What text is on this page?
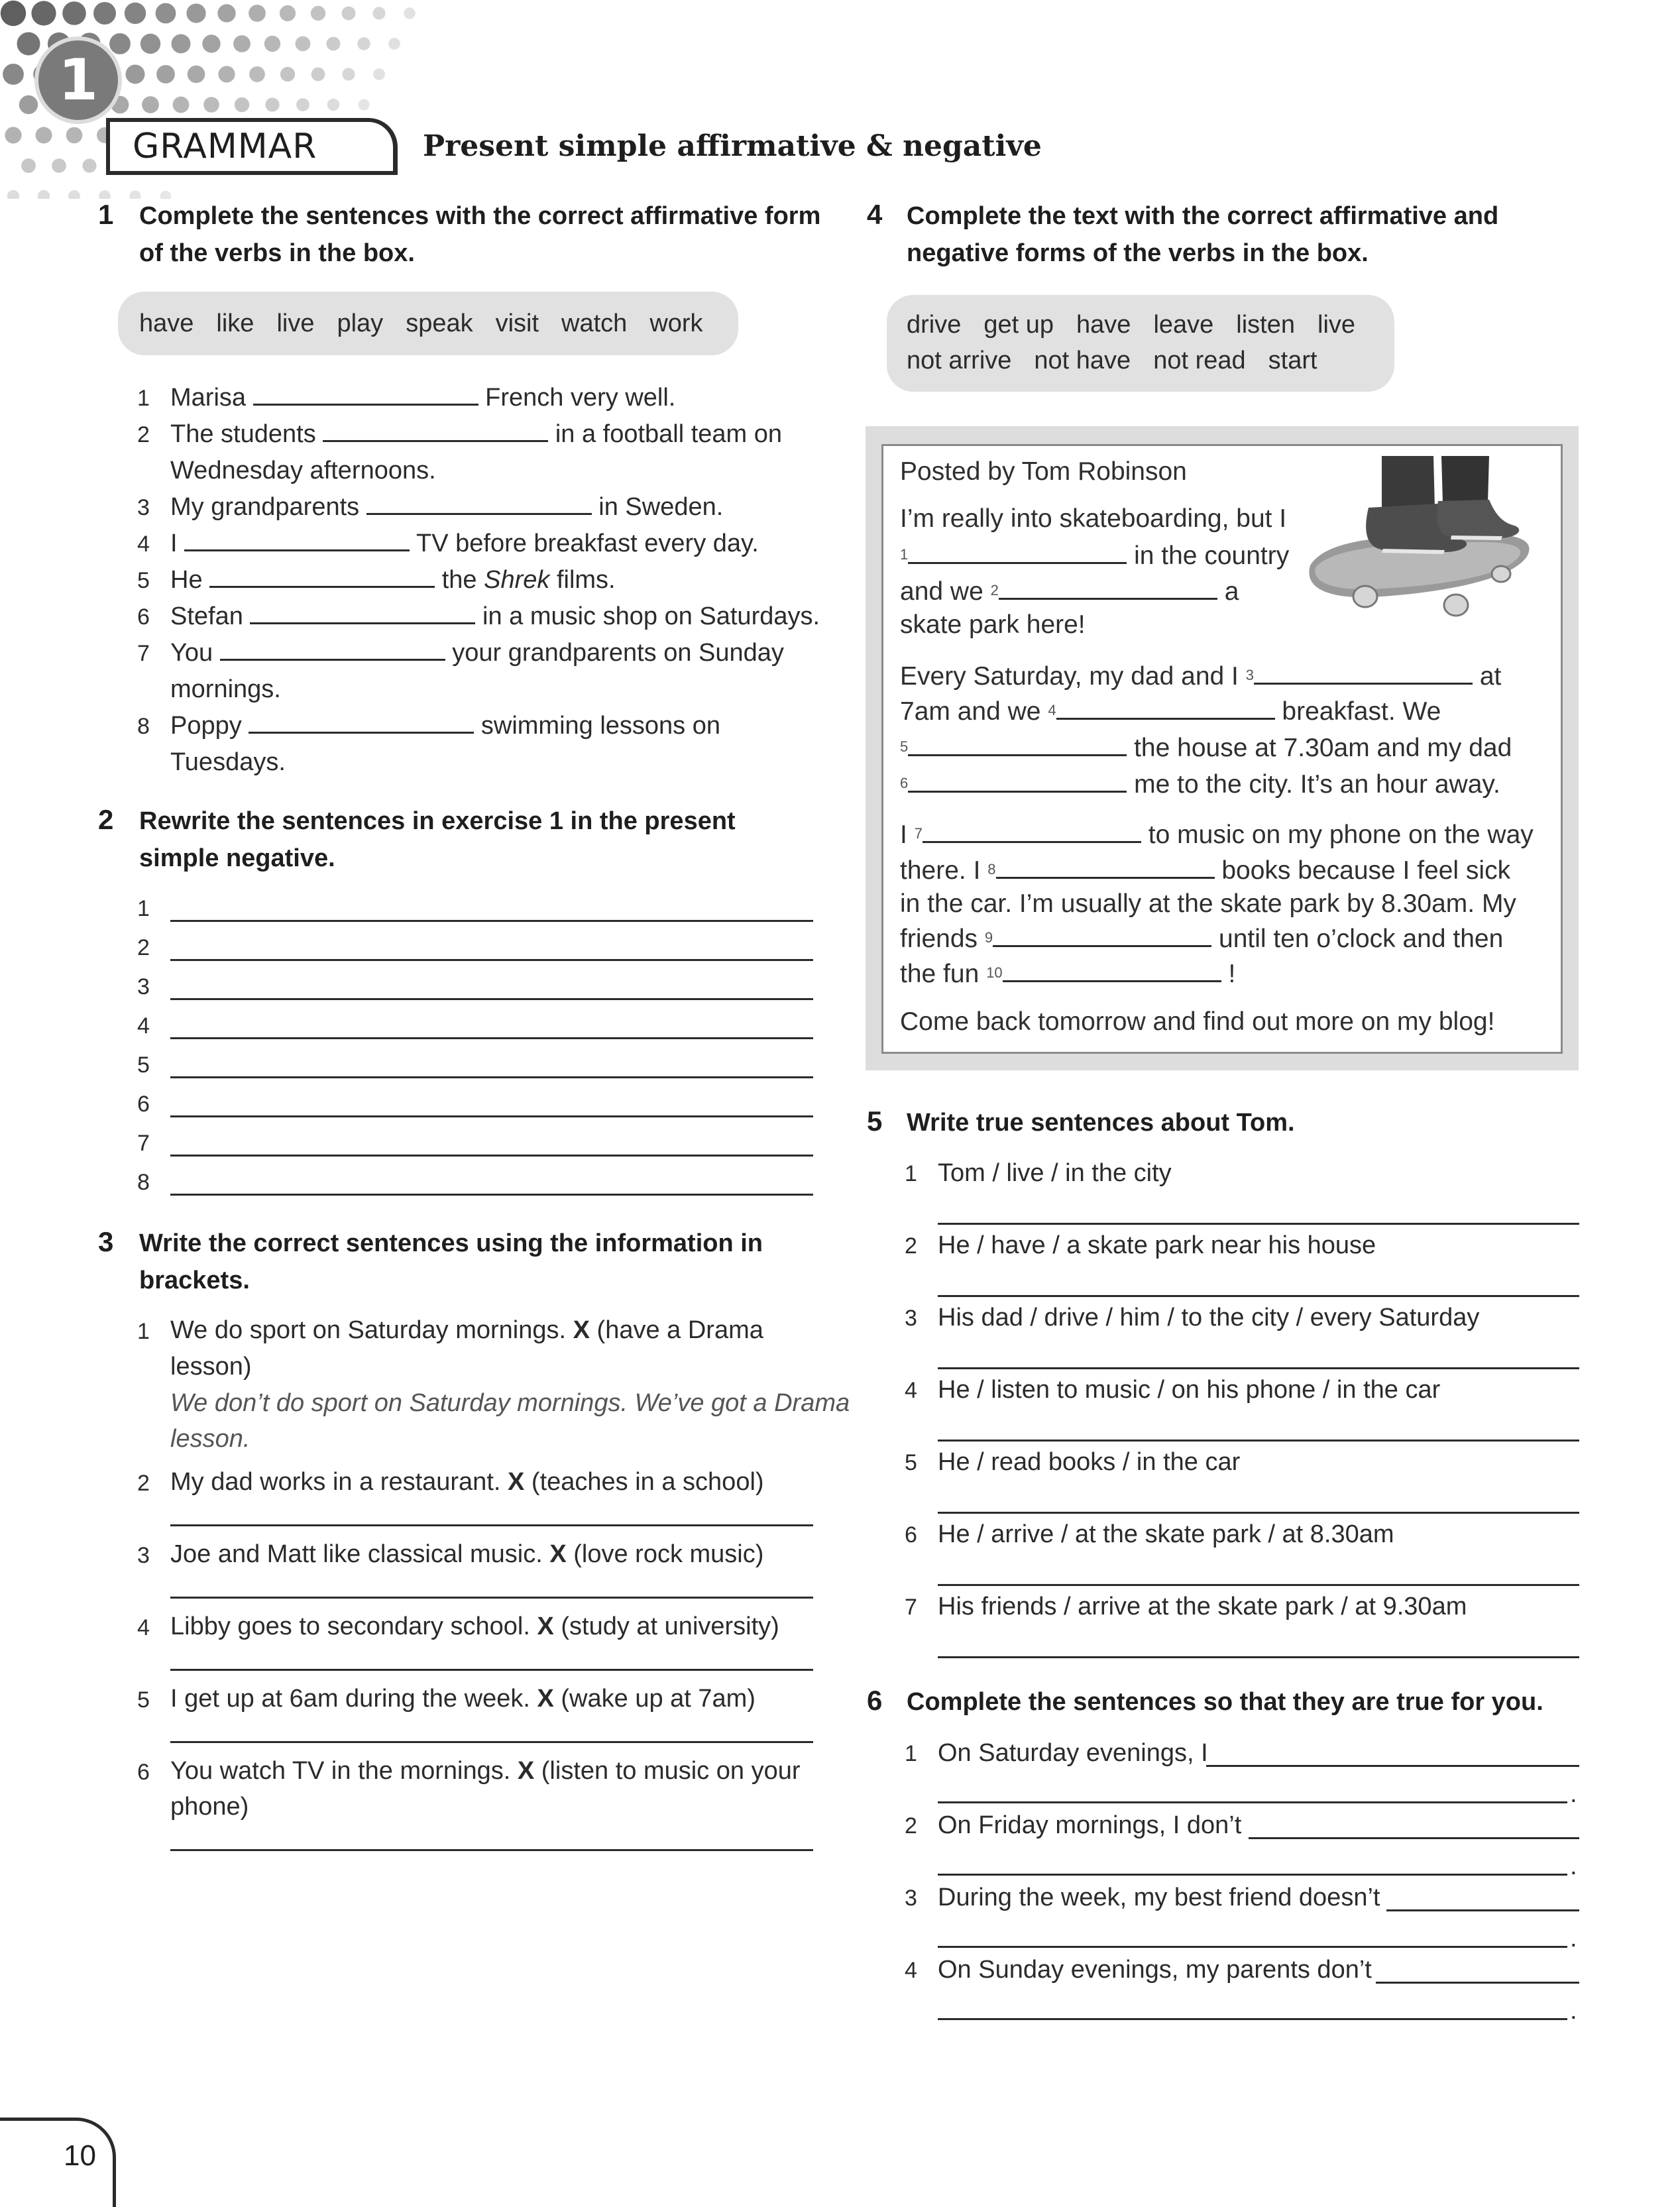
1
GRAMMAR	Present simple affirmative & negative
1 Complete the sentences with the correct affirmative form
of the verbs in the box.
have like live play speak visit watch work
1 Marisa	French very well.
2 The students	in a football team on
Wednesday afternoons.
3 My grandparents	in Sweden.
4 I	TV before breakfast every day.
5 He	the Shrek films.
6 Stefan	in a music shop on Saturdays.
7 You	your grandparents on Sunday
mornings.
8 Poppy	swimming lessons on
Tuesdays.
2 Rewrite the sentences in exercise 1 in the present
simple negative.
1
2
3
4
5
6
7
8
3 Write the correct sentences using the information in
brackets.
1 We do sport on Saturday mornings. X (have a Drama
lesson)
We don’t do sport on Saturday mornings. We’ve got a Drama
lesson.
2 My dad works in a restaurant. X (teaches in a school)
3 Joe and Matt like classical music. X (love rock music)
4 Libby goes to secondary school. X (study at university)
5 I get up at 6am during the week. X (wake up at 7am)
6 You watch TV in the mornings. X (listen to music on your
phone)
4 Complete the text with the correct affirmative and
negative forms of the verbs in the box.
drive get up have leave listen live
not arrive not have not read start
Posted by Tom Robinson
I’m really into skateboarding, but I
$^1$	in the country
and we $^2$	a
skate park here!
Every Saturday, my dad and I $^3$	at
7am and we $^4$	breakfast. We
$^5$	the house at 7.30am and my dad
$^6$	me to the city. It’s an hour away.
I $^7$	to music on my phone on the way
there. I $^8$	books because I feel sick
in the car. I’m usually at the skate park by 8.30am. My
friends $^9$	until ten o’clock and then
the fun $^{10}$	!
Come back tomorrow and find out more on my blog!
5 Write true sentences about Tom.
1 Tom / live / in the city
2 He / have / a skate park near his house
3 His dad / drive / him / to the city / every Saturday
4 He / listen to music / on his phone / in the car
5 He / read books / in the car
6 He / arrive / at the skate park / at 8.30am
7 His friends / arrive at the skate park / at 9.30am
6 Complete the sentences so that they are true for you.
1 On Saturday evenings, I
.
2 On Friday mornings, I don’t
.
3 During the week, my best friend doesn’t
.
4 On Sunday evenings, my parents don’t
.
10
